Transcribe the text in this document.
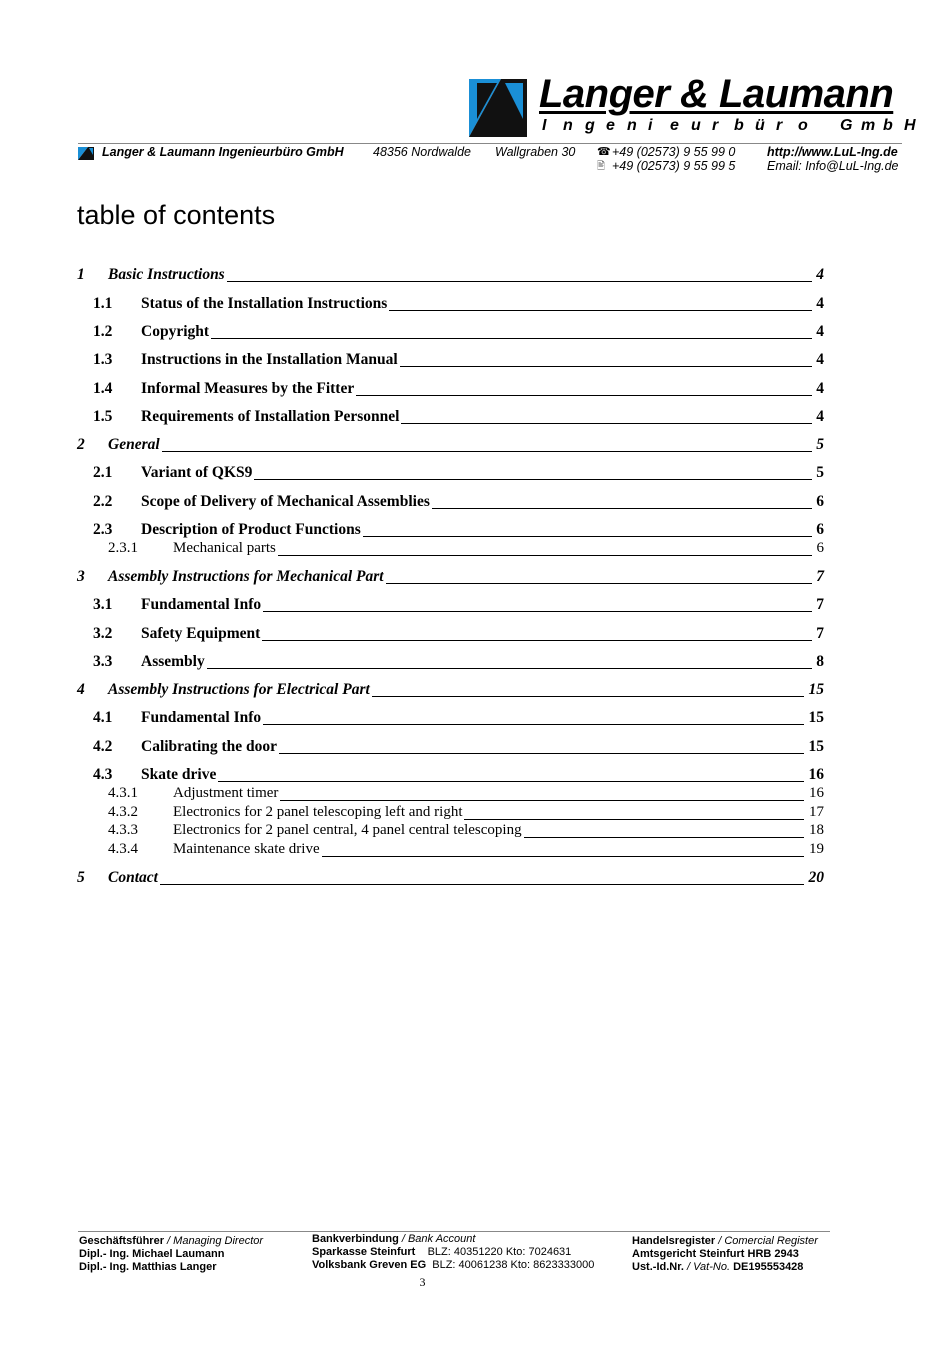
Langer & Laumann
I n g e n i e u r b ü r o G m b H
Langer & Laumann Ingenieurbüro GmbH 48356 Nordwalde Wallgraben 30 ☎ +49 (02573) 9 55 99 0
🖹 +49 (02573) 9 55 99 5
http://www.LuL-Ing.de
Email: Info@LuL-Ing.de
table of contents
1 Basic Instructions	4
1.1 Status of the Installation Instructions	4
1.2 Copyright	4
1.3 Instructions in the Installation Manual	4
1.4 Informal Measures by the Fitter	4
1.5 Requirements of Installation Personnel	4
2 General	5
2.1 Variant of QKS9	5
2.2 Scope of Delivery of Mechanical Assemblies	6
2.3 Description of Product Functions	6
2.3.1 Mechanical parts	6
3 Assembly Instructions for Mechanical Part	7
3.1 Fundamental Info	7
3.2 Safety Equipment	7
3.3 Assembly	8
4 Assembly Instructions for Electrical Part	15
4.1 Fundamental Info	15
4.2 Calibrating the door	15
4.3 Skate drive	16
4.3.1 Adjustment timer	16
4.3.2 Electronics for 2 panel telescoping left and right	17
4.3.3 Electronics for 2 panel central, 4 panel central telescoping	18
4.3.4 Maintenance skate drive	19
5 Contact	20
Geschäftsführer / Managing Director
Dipl.- Ing. Michael Laumann
Dipl.- Ing. Matthias Langer
Bankverbindung / Bank Account
Sparkasse Steinfurt BLZ: 40351220 Kto: 7024631
Volksbank Greven EG BLZ: 40061238 Kto: 8623333000
Handelsregister / Comercial Register
Amtsgericht Steinfurt HRB 2943
Ust.-Id.Nr. / Vat-No. DE195553428
3
